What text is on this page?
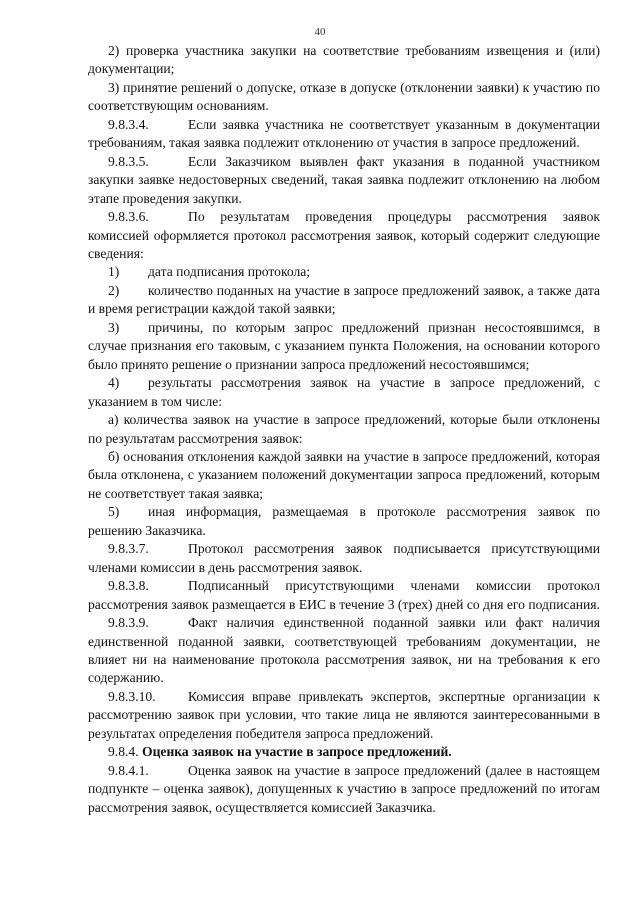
40

2) проверка участника закупки на соответствие требованиям извещения и (или) документации;

3) принятие решений о допуске, отказе в допуске (отклонении заявки) к участию по соответствующим основаниям.

9.8.3.4.	Если заявка участника не соответствует указанным в документации требованиям, такая заявка подлежит отклонению от участия в запросе предложений.

9.8.3.5.	Если Заказчиком выявлен факт указания в поданной участником закупки заявке недостоверных сведений, такая заявка подлежит отклонению на любом этапе проведения закупки.

9.8.3.6.	По результатам проведения процедуры рассмотрения заявок комиссией оформляется протокол рассмотрения заявок, который содержит следующие сведения:

1) дата подписания протокола;

2) количество поданных на участие в запросе предложений заявок, а также дата и время регистрации каждой такой заявки;

3) причины, по которым запрос предложений признан несостоявшимся, в случае признания его таковым, с указанием пункта Положения, на основании которого было принято решение о признании запроса предложений несостоявшимся;

4) результаты рассмотрения заявок на участие в запросе предложений, с указанием в том числе:

а) количества заявок на участие в запросе предложений, которые были отклонены по результатам рассмотрения заявок:

б) основания отклонения каждой заявки на участие в запросе предложений, которая была отклонена, с указанием положений документации запроса предложений, которым не соответствует такая заявка;

5) иная информация, размещаемая в протоколе рассмотрения заявок по решению Заказчика.

9.8.3.7.	Протокол рассмотрения заявок подписывается присутствующими членами комиссии в день рассмотрения заявок.

9.8.3.8.	Подписанный присутствующими членами комиссии протокол рассмотрения заявок размещается в ЕИС в течение 3 (трех) дней со дня его подписания.

9.8.3.9.	Факт наличия единственной поданной заявки или факт наличия единственной поданной заявки, соответствующей требованиям документации, не влияет ни на наименование протокола рассмотрения заявок, ни на требования к его содержанию.

9.8.3.10. Комиссия вправе привлекать экспертов, экспертные организации к рассмотрению заявок при условии, что такие лица не являются заинтересованными в результатах определения победителя запроса предложений.

9.8.4. Оценка заявок на участие в запросе предложений.

9.8.4.1.	Оценка заявок на участие в запросе предложений (далее в настоящем подпункте – оценка заявок), допущенных к участию в запросе предложений по итогам рассмотрения заявок, осуществляется комиссией Заказчика.
